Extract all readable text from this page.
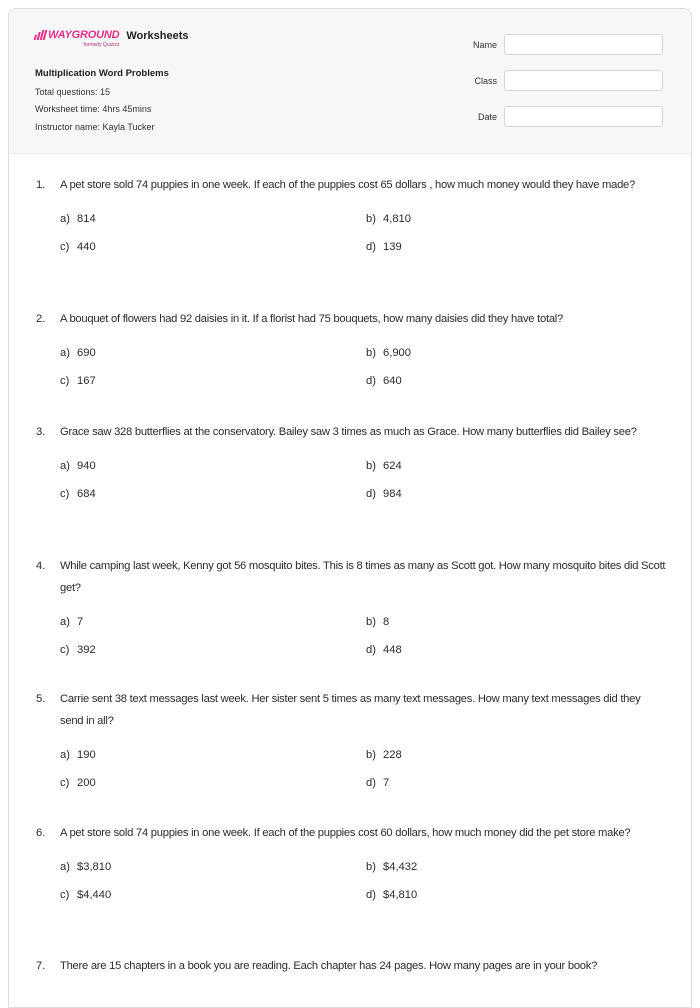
WAYGROUND
formerly Quizizz
Worksheets
Multiplication Word Problems
Total questions: 15
Worksheet time: 4hrs 45mins
Instructor name: Kayla Tucker
Name
Class
Date
1.	A pet store sold 74 puppies in one week. If each of the puppies cost 65 dollars , how much money would they have made?
a) 814	b) 4,810
c) 440	d) 139
2.	A bouquet of flowers had 92 daisies in it. If a florist had 75 bouquets, how many daisies did they have total?
a) 690	b) 6,900
c) 167	d) 640
3.	Grace saw 328 butterflies at the conservatory. Bailey saw 3 times as much as Grace. How many butterflies did Bailey see?
a) 940	b) 624
c) 684	d) 984
4.	While camping last week, Kenny got 56 mosquito bites. This is 8 times as many as Scott got. How many mosquito bites did Scott get?
a) 7	b) 8
c) 392	d) 448
5.	Carrie sent 38 text messages last week. Her sister sent 5 times as many text messages. How many text messages did they send in all?
a) 190	b) 228
c) 200	d) 7
6.	A pet store sold 74 puppies in one week. If each of the puppies cost 60 dollars, how much money did the pet store make?
a) $3,810	b) $4,432
c) $4,440	d) $4,810
7.	There are 15 chapters in a book you are reading. Each chapter has 24 pages. How many pages are in your book?
